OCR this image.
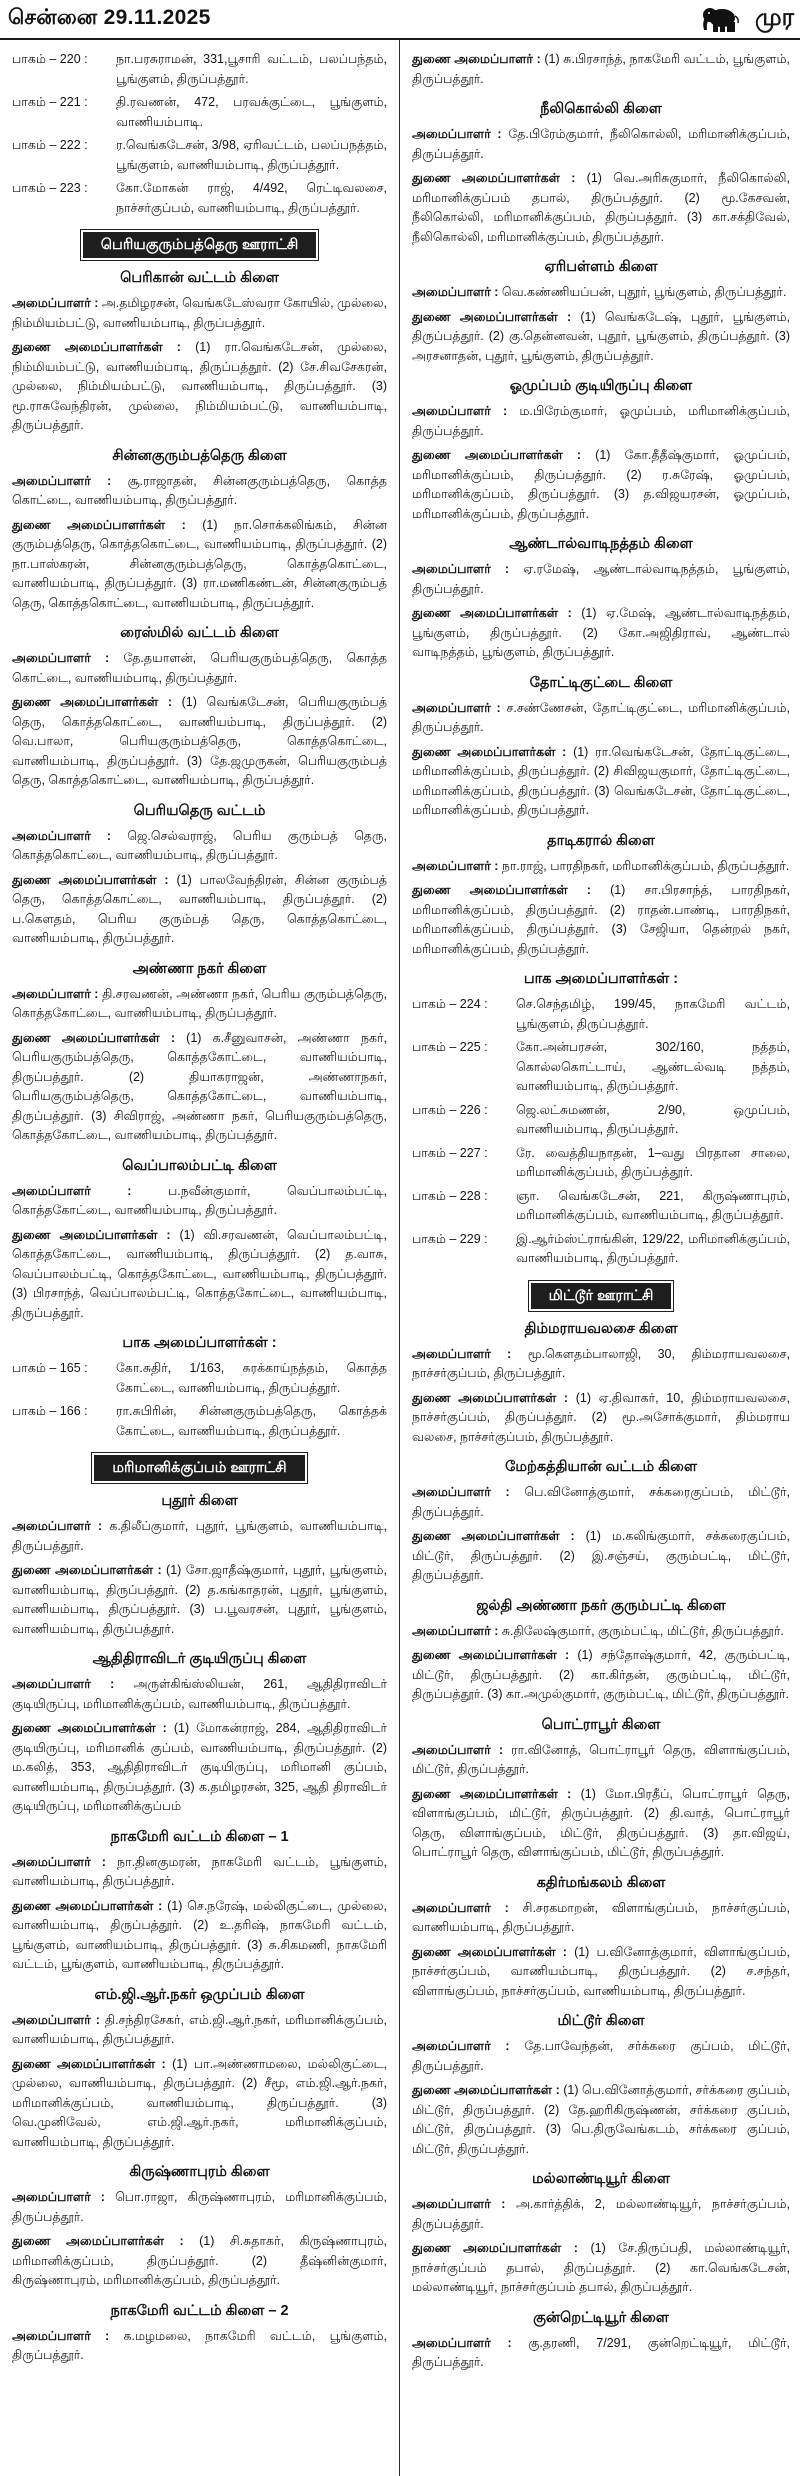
சென்னை 29.11.2025	முர
பாகம் – 220 :	நா.பரசுராமன், 331,பூசாரி வட்டம், பலப்பந்தம், பூங்குளம், திருப்பத்தூர்.
பாகம் – 221 :	தி.ரவணன், 472, பரவக்குட்டை, பூங்குளம், வாணியம்பாடி.
பாகம் – 222 :	ர.வெங்கடேசன், 3/98, ஏரிவட்டம், பலப்பநத்தம், பூங்குளம், வாணியம்பாடி, திருப்பத்தூர்.
பாகம் – 223 :	கோ.மோகன் ராஜ், 4/492, ரெட்டிவலசை, நாச்சர்குப்பம், வாணியம்பாடி, திருப்பத்தூர்.
பெரியகுரும்பத்தெரு ஊராட்சி
பெரிகான் வட்டம் கிளை

அமைப்பாளர் : அ.தமிழரசன், வெங்கடேஸ்வரா கோயில், முல்லை, நிம்மியம்பட்டு, வாணியம்பாடி, திருப்பத்தூர்.

துணை அமைப்பாளர்கள் : (1) ரா.வெங்கடேசன், முல்லை, நிம்மியம்பட்டு, வாணியம்பாடி, திருப்பத்தூர். (2) சே.சிவசேகரன், முல்லை, நிம்மியம்பட்டு, வாணியம்பாடி, திருப்பத்தூர். (3) மூ.ராசுவேந்திரன், முல்லை, நிம்மியம்பட்டு, வாணியம்பாடி, திருப்பத்தூர்.

சின்னகுரும்பத்தெரு கிளை

அமைப்பாளர் : சூ.ராஜாதன், சின்னகுரும்பத்தெரு, கொத்த கொட்டை, வாணியம்பாடி, திருப்பத்தூர்.

துணை அமைப்பாளர்கள் : (1) நா.சொக்கலிங்கம், சின்ன குரும்பத்தெரு, கொத்தகொட்டை, வாணியம்பாடி, திருப்பத்தூர். (2) நா.பாஸ்கரன், சின்னகுரும்பத்தெரு, கொத்தகொட்டை, வாணியம்பாடி, திருப்பத்தூர். (3) ரா.மணிகண்டன், சின்னகுரும்பத் தெரு, கொத்தகொட்டை, வாணியம்பாடி, திருப்பத்தூர்.

ரைஸ்மில் வட்டம் கிளை

அமைப்பாளர் : தே.தயாளன், பெரியகுரும்பத்தெரு, கொத்த கொட்டை, வாணியம்பாடி, திருப்பத்தூர்.

துணை அமைப்பாளர்கள் : (1) வெங்கடேசன், பெரியகுரும்பத் தெரு, கொத்தகொட்டை, வாணியம்பாடி, திருப்பத்தூர். (2) வெ.பாலா, பெரியகுரும்பத்தெரு, கொத்தகொட்டை, வாணியம்பாடி, திருப்பத்தூர். (3) தே.ஜமுருகன், பெரியகுரும்பத் தெரு, கொத்தகொட்டை, வாணியம்பாடி, திருப்பத்தூர்.

பெரியதெரு வட்டம்

அமைப்பாளர் : ஜெ.செல்வராஜ், பெரிய குரும்பத் தெரு, கொத்தகொட்டை, வாணியம்பாடி, திருப்பத்தூர்.

துணை அமைப்பாளர்கள் : (1) பாலவேந்திரன், சின்ன குரும்பத் தெரு, கொத்தகொட்டை, வாணியம்பாடி, திருப்பத்தூர். (2) ப.கௌதம், பெரிய குரும்பத் தெரு, கொத்தகொட்டை, வாணியம்பாடி, திருப்பத்தூர்.

அண்ணா நகர் கிளை

அமைப்பாளர் : தி.சரவணன், அண்ணா நகர், பெரிய குரும்பத்தெரு, கொத்தகோட்டை, வாணியம்பாடி, திருப்பத்தூர்.

துணை அமைப்பாளர்கள் : (1) க.சீனுவாசன், அண்ணா நகர், பெரியகுரும்பத்தெரு, கொத்தகோட்டை, வாணியம்பாடி, திருப்பத்தூர். (2) தியாகராஜன், அண்ணாநகர், பெரியகுரும்பத்தெரு, கொத்தகோட்டை, வாணியம்பாடி, திருப்பத்தூர். (3) சிவிராஜ், அண்ணா நகர், பெரியகுரும்பத்தெரு, கொத்தகோட்டை, வாணியம்பாடி, திருப்பத்தூர்.

வெப்பாலம்பட்டி கிளை

அமைப்பாளர் :	ப.நவீன்குமார், வெப்பாலம்பட்டி, கொத்தகோட்டை, வாணியம்பாடி, திருப்பத்தூர்.

துணை அமைப்பாளர்கள் : (1) வி.சரவணன், வெப்பாலம்பட்டி, கொத்தகோட்டை, வாணியம்பாடி, திருப்பத்தூர். (2) த.வாசு, வெப்பாலம்பட்டி, கொத்தகோட்டை, வாணியம்பாடி, திருப்பத்தூர். (3) பிரசாந்த், வெப்பாலம்பட்டி, கொத்தகோட்டை, வாணியம்பாடி, திருப்பத்தூர்.

பாக அமைப்பாளர்கள் :
பாகம் – 165 :	கோ.சுதிர், 1/163, சுரக்காய்நத்தம், கொத்த கோட்டை, வாணியம்பாடி, திருப்பத்தூர்.
பாகம் – 166 :	ரா.சுபிரின், சின்னகுரும்பத்தெரு, கொத்தக் கோட்டை, வாணியம்பாடி, திருப்பத்தூர்.
மரிமானிக்குப்பம் ஊராட்சி
புதூர் கிளை

அமைப்பாளர் : க.திலீப்குமார், புதூர், பூங்குளம், வாணியம்பாடி, திருப்பத்தூர்.

துணை அமைப்பாளர்கள் : (1) சோ.ஜாதீஷ்குமார், புதூர், பூங்குளம், வாணியம்பாடி, திருப்பத்தூர். (2) த.கங்காதரன், புதூர், பூங்குளம், வாணியம்பாடி, திருப்பத்தூர். (3) ப.பூவரசன், புதூர், பூங்குளம், வாணியம்பாடி, திருப்பத்தூர்.

ஆதிதிராவிடர் குடியிருப்பு கிளை

அமைப்பாளர் : அருள்கிங்ஸ்லியன், 261, ஆதிதிராவிடர் குடியிருப்பு, மரிமானிக்குப்பம், வாணியம்பாடி, திருப்பத்தூர்.

துணை அமைப்பாளர்கள் : (1) மோகன்ராஜ், 284, ஆதிதிராவிடர் குடியிருப்பு, மரிமானிக் குப்பம், வாணியம்பாடி, திருப்பத்தூர். (2) ம.கலித், 353, ஆதிதிராவிடர் குடியிருப்பு, மரிமானி குப்பம், வாணியம்பாடி, திருப்பத்தூர். (3) க.தமிழரசன், 325, ஆதி திராவிடர் குடியிருப்பு, மரிமானிக்குப்பம்

நாகமேரி வட்டம் கிளை – 1

அமைப்பாளர் : நா.தினகுமரன், நாகமேரி வட்டம், பூங்குளம், வாணியம்பாடி, திருப்பத்தூர்.

துணை அமைப்பாளர்கள் : (1) செ.நரேஷ், மல்லிகுட்டை, முல்லை, வாணியம்பாடி, திருப்பத்தூர். (2) உ.தரிஷ், நாகமேரி வட்டம், பூங்குளம், வாணியம்பாடி, திருப்பத்தூர். (3) சு.சிகமணி, நாகமேரி வட்டம், பூங்குளம், வாணியம்பாடி, திருப்பத்தூர்.

எம்.ஜி.ஆர்.நகர் ஒமுப்பம் கிளை

அமைப்பாளர் : தி.சந்திரசேகர், எம்.ஜி.ஆர்.நகர், மரிமானிக்குப்பம், வாணியம்பாடி, திருப்பத்தூர்.

துணை அமைப்பாளர்கள் : (1) பா.அண்ணாமலை, மல்லிகுட்டை, முல்லை, வாணியம்பாடி, திருப்பத்தூர். (2) சீமூ, எம்.ஜி.ஆர்.நகர், மரிமானிக்குப்பம், வாணியம்பாடி, திருப்பத்தூர். (3) வெ.முனிவேல், எம்.ஜி.ஆர்.நகர், மரிமானிக்குப்பம், வாணியம்பாடி, திருப்பத்தூர்.

கிருஷ்ணாபுரம் கிளை

அமைப்பாளர் : பொ.ராஜா, கிருஷ்ணாபுரம், மரிமானிக்குப்பம், திருப்பத்தூர்.

துணை அமைப்பாளர்கள் : (1) சி.சுதாகர், கிருஷ்ணாபுரம், மரிமானிக்குப்பம், திருப்பத்தூர். (2) தீஷ்னின்குமார், கிருஷ்ணாபுரம், மரிமானிக்குப்பம், திருப்பத்தூர்.

நாகமேரி வட்டம் கிளை – 2

அமைப்பாளர் : க.மழமலை, நாகமேரி வட்டம், பூங்குளம், திருப்பத்தூர்.

துணை அமைப்பாளர் : (1) சு.பிரசாந்த், நாகமேரி வட்டம், பூங்குளம், திருப்பத்தூர்.

நீலிகொல்லி கிளை

அமைப்பாளர் : தே.பிரேம்குமார், நீலிகொல்லி, மரிமானிக்குப்பம், திருப்பத்தூர்.

துணை அமைப்பாளர்கள் : (1) வெ.அரிசுகுமார், நீலிகொல்லி, மரிமானிக்குப்பம் தபால், திருப்பத்தூர். (2) மூ.கேசவன், நீலிகொல்லி, மரிமானிக்குப்பம், திருப்பத்தூர். (3) கா.சக்திவேல், நீலிகொல்லி, மரிமானிக்குப்பம், திருப்பத்தூர்.

ஏரிபள்ளம் கிளை

அமைப்பாளர் : வெ.கண்ணியப்பன், புதூர், பூங்குளம், திருப்பத்தூர்.

துணை அமைப்பாளர்கள் : (1) வெங்கடேஷ், புதூர், பூங்குளம், திருப்பத்தூர். (2) கு.தென்னவன், புதூர், பூங்குளம், திருப்பத்தூர். (3) அரசனாதன், புதூர், பூங்குளம், திருப்பத்தூர்.

ஓமுப்பம் குடியிருப்பு கிளை

அமைப்பாளர் : ம.பிரேம்குமார், ஓமுப்பம், மரிமானிக்குப்பம், திருப்பத்தூர்.

துணை அமைப்பாளர்கள் : (1) கோ.தீதீஷ்குமார், ஓமுப்பம், மரிமானிக்குப்பம், திருப்பத்தூர். (2) ர.சுரேஷ், ஓமுப்பம், மரிமானிக்குப்பம், திருப்பத்தூர். (3) த.விஜயரசன், ஓமுப்பம், மரிமானிக்குப்பம், திருப்பத்தூர்.

ஆண்டால்வாடிநத்தம் கிளை

அமைப்பாளர் : ஏ.ரமேஷ், ஆண்டால்வாடிநத்தம், பூங்குளம், திருப்பத்தூர்.

துணை அமைப்பாளர்கள் : (1) ஏ.மேஷ், ஆண்டால்வாடிநத்தம், பூங்குளம், திருப்பத்தூர். (2) கோ.அஜிதிராவ், ஆண்டால் வாடிநத்தம், பூங்குளம், திருப்பத்தூர்.

தோட்டிகுட்டை கிளை

அமைப்பாளர் : ச.சண்ணேசன், தோட்டிகுட்டை, மரிமானிக்குப்பம், திருப்பத்தூர்.

துணை அமைப்பாளர்கள் : (1) ரா.வெங்கடேசன், தோட்டிகுட்டை, மரிமானிக்குப்பம், திருப்பத்தூர். (2) சிவிஜயகுமார், தோட்டிகுட்டை, மரிமானிக்குப்பம், திருப்பத்தூர். (3) வெங்கடேசன், தோட்டிகுட்டை, மரிமானிக்குப்பம், திருப்பத்தூர்.

தாடிகரால் கிளை

அமைப்பாளர் : நா.ராஜ், பாரதிநகர், மரிமானிக்குப்பம், திருப்பத்தூர்.

துணை அமைப்பாளர்கள் : (1) சா.பிரசாந்த், பாரதிநகர், மரிமானிக்குப்பம், திருப்பத்தூர். (2) ராதன்.பாண்டி, பாரதிநகர், மரிமானிக்குப்பம், திருப்பத்தூர். (3) சேஜியா, தென்றல் நகர், மரிமானிக்குப்பம், திருப்பத்தூர்.

பாக அமைப்பாளர்கள் :
பாகம் – 224 :	செ.செந்தமிழ், 199/45, நாகமேரி வட்டம், பூங்குளம், திருப்பத்தூர்.
பாகம் – 225 :	கோ.அன்பரசன், 302/160, நத்தம், கொல்லகொட்டாய், ஆண்டல்வடி நத்தம், வாணியம்பாடி, திருப்பத்தூர்.
பாகம் – 226 :	ஜெ.லட்சுமணன், 2/90, ஒமுப்பம், வாணியம்பாடி, திருப்பத்தூர்.
பாகம் – 227 :	ரே. வைத்தியநாதன், 1–வது பிரதான சாலை, மரிமானிக்குப்பம், திருப்பத்தூர்.
பாகம் – 228 :	ஞா. வெங்கடேசன், 221, கிருஷ்ணாபுரம், மரிமானிக்குப்பம், வாணியம்பாடி, திருப்பத்தூர்.
பாகம் – 229 :	இ.ஆர்ம்ஸ்ட்ராங்கின், 129/22, மரிமானிக்குப்பம், வாணியம்பாடி, திருப்பத்தூர்.
மிட்டூர் ஊராட்சி
திம்மராயவலசை கிளை

அமைப்பாளர் : மூ.கௌதம்பாலாஜி, 30, திம்மராயவலசை, நாச்சர்குப்பம், திருப்பத்தூர்.

துணை அமைப்பாளர்கள் : (1) ஏ.திவாகர், 10, திம்மராயவலசை, நாச்சர்குப்பம், திருப்பத்தூர். (2) மூ.அசோக்குமார், திம்மராய வலசை, நாச்சர்குப்பம், திருப்பத்தூர்.

மேற்கத்தியான் வட்டம் கிளை

அமைப்பாளர் : பெ.வினோத்குமார், சக்கரைகுப்பம், மிட்டூர், திருப்பத்தூர்.

துணை அமைப்பாளர்கள் : (1) ம.கலிங்குமார், சக்கரைகுப்பம், மிட்டூர், திருப்பத்தூர். (2) இ.சஞ்சய், குரும்பட்டி, மிட்டூர், திருப்பத்தூர்.

ஜல்தி அண்ணா நகர் குரும்பட்டி கிளை

அமைப்பாளர் : சு.திலேஷ்குமார், குரும்பட்டி, மிட்டூர், திருப்பத்தூர்.

துணை அமைப்பாளர்கள் : (1) சந்தோஷ்குமார், 42, குரும்பட்டி, மிட்டூர், திருப்பத்தூர். (2) கா.கிர்தன், குரும்பட்டி, மிட்டூர், திருப்பத்தூர். (3) கா.அமுல்குமார், குரும்பட்டி, மிட்டூர், திருப்பத்தூர்.

பொட்ராபூர் கிளை

அமைப்பாளர் : ரா.வினோத், பொட்ராபூர் தெரு, விளாங்குப்பம், மிட்டூர், திருப்பத்தூர்.

துணை அமைப்பாளர்கள் : (1) மோ.பிரதீப், பொட்ராபூர் தெரு, விளாங்குப்பம், மிட்டூர், திருப்பத்தூர். (2) தி.வாத், பொட்ராபூர் தெரு, விளாங்குப்பம், மிட்டூர், திருப்பத்தூர். (3) தா.விஜய், பொட்ராபூர் தெரு, விளாங்குப்பம், மிட்டூர், திருப்பத்தூர்.

கதிர்மங்கலம் கிளை

அமைப்பாளர் : சி.சரகமாறன், விளாங்குப்பம், நாச்சர்குப்பம், வாணியம்பாடி, திருப்பத்தூர்.

துணை அமைப்பாளர்கள் : (1) ப.வினோத்குமார், விளாங்குப்பம், நாச்சர்குப்பம், வாணியம்பாடி, திருப்பத்தூர். (2) ச.சந்தர், விளாங்குப்பம், நாச்சர்குப்பம், வாணியம்பாடி, திருப்பத்தூர்.

மிட்டூர் கிளை

அமைப்பாளர் : தே.பாவேந்தன், சர்க்கரை குப்பம், மிட்டூர், திருப்பத்தூர்.

துணை அமைப்பாளர்கள் : (1) பெ.வினோத்குமார், சர்க்கரை குப்பம், மிட்டூர், திருப்பத்தூர். (2) தே.ஹரிகிருஷ்ணன், சர்க்கரை குப்பம், மிட்டூர், திருப்பத்தூர். (3) பெ.திருவேங்கடம், சர்க்கரை குப்பம், மிட்டூர், திருப்பத்தூர்.

மல்லாண்டியூர் கிளை

அமைப்பாளர் : அ.கார்த்திக், 2, மல்லாண்டியூர், நாச்சர்குப்பம், திருப்பத்தூர்.

துணை அமைப்பாளர்கள் : (1) சே.திருப்பதி, மல்லாண்டியூர், நாச்சர்குப்பம் தபால், திருப்பத்தூர். (2) கா.வெங்கடேசன், மல்லாண்டியூர், நாச்சர்குப்பம் தபால், திருப்பத்தூர்.

குன்றெட்டியூர் கிளை

அமைப்பாளர் : கு.தரணி, 7/291, குன்றெட்டியூர், மிட்டூர், திருப்பத்தூர்.
